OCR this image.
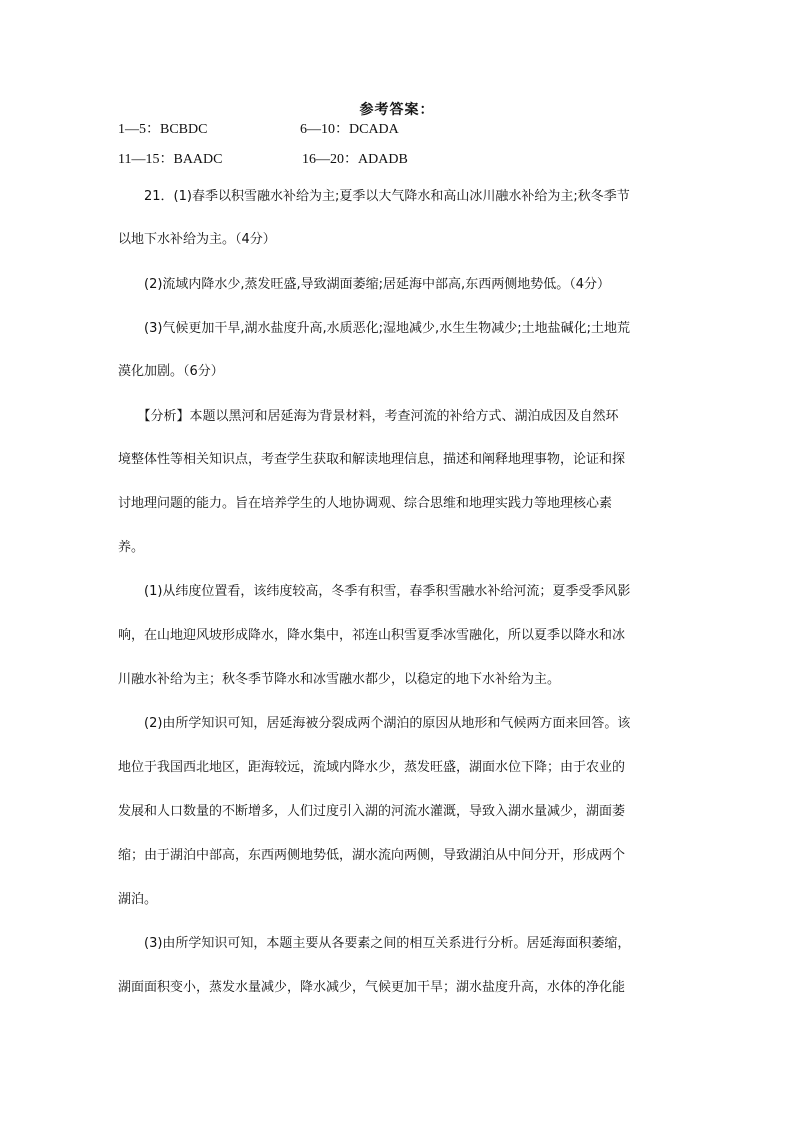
参考答案：
1—5：BCBDC	6—10：DCADA
11—15：BAADC	16—20：ADADB
　　21．(1)春季以积雪融水补给为主;夏季以大气降水和高山冰川融水补给为主;秋冬季节
以地下水补给为主。（4分）
　　(2)流域内降水少,蒸发旺盛,导致湖面萎缩;居延海中部高,东西两侧地势低。（4分）
　　(3)气候更加干旱,湖水盐度升高,水质恶化;湿地减少,水生生物减少;土地盐碱化;土地荒
漠化加剧。（6分）
　　【分析】本题以黑河和居延海为背景材料，考查河流的补给方式、湖泊成因及自然环
境整体性等相关知识点，考查学生获取和解读地理信息，描述和阐释地理事物，论证和探
讨地理问题的能力。旨在培养学生的人地协调观、综合思维和地理实践力等地理核心素
养。
　　(1)从纬度位置看，该纬度较高，冬季有积雪，春季积雪融水补给河流；夏季受季风影
响，在山地迎风坡形成降水，降水集中，祁连山积雪夏季冰雪融化，所以夏季以降水和冰
川融水补给为主；秋冬季节降水和冰雪融水都少，以稳定的地下水补给为主。
　　(2)由所学知识可知，居延海被分裂成两个湖泊的原因从地形和气候两方面来回答。该
地位于我国西北地区，距海较远，流域内降水少，蒸发旺盛，湖面水位下降；由于农业的
发展和人口数量的不断增多，人们过度引入湖的河流水灌溉，导致入湖水量减少，湖面萎
缩；由于湖泊中部高，东西两侧地势低，湖水流向两侧，导致湖泊从中间分开，形成两个
湖泊。
　　(3)由所学知识可知，本题主要从各要素之间的相互关系进行分析。居延海面积萎缩，
湖面面积变小，蒸发水量减少，降水减少，气候更加干旱；湖水盐度升高，水体的净化能
